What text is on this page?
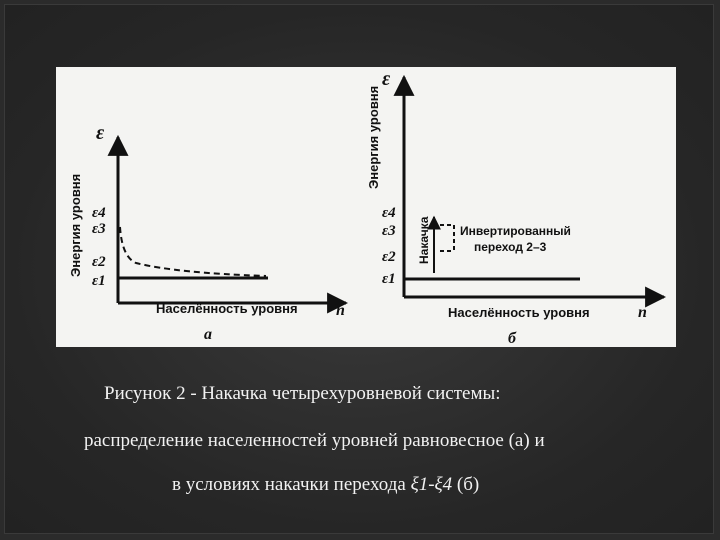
ε
Энергия уровня ε4
ε3
ε2
ε1
Населённость уровня n
а
ε
Энергия уровня
ε4
ε3
ε2
ε1
Накачка Инвертированный
переход 2–3
Населённость уровня	n
б
Рисунок 2 - Накачка четырехуровневой системы:
распределение населенностей уровней равновесное (а) и
в условиях накачки перехода ξ1-ξ4 (б)
